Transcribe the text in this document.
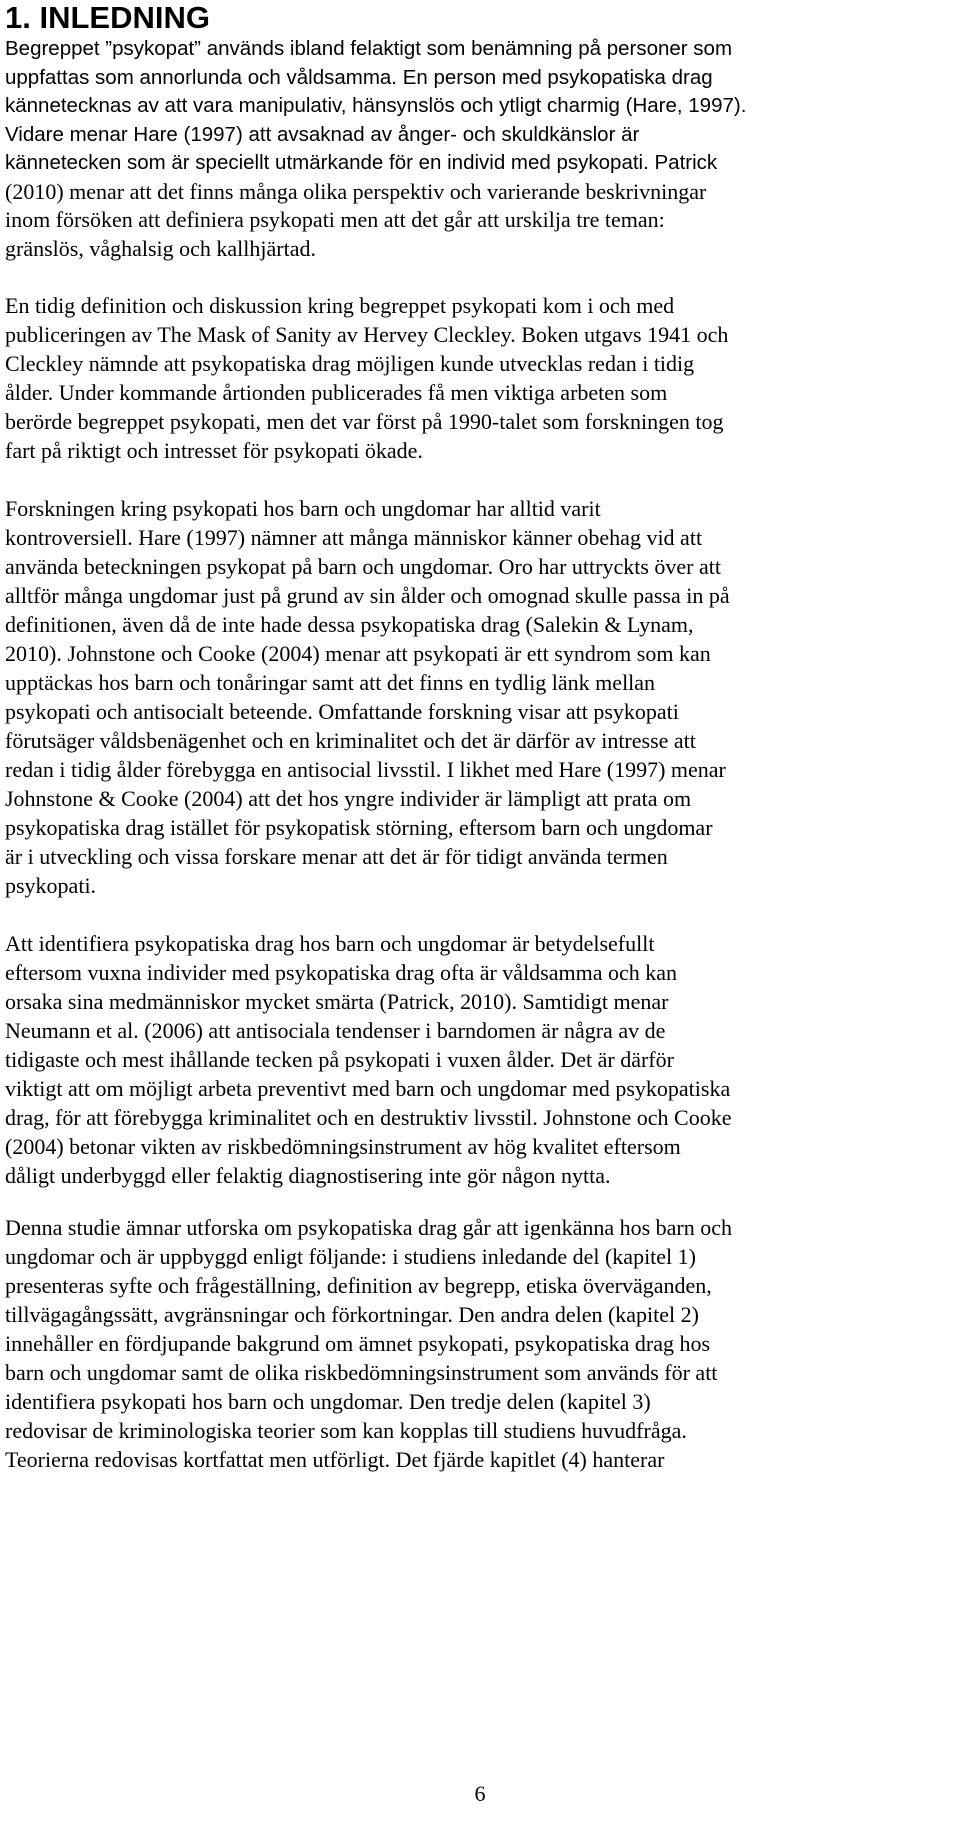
1. INLEDNING

Begreppet ”psykopat” används ibland felaktigt som benämning på personer som
uppfattas som annorlunda och våldsamma. En person med psykopatiska drag
kännetecknas av att vara manipulativ, hänsynslös och ytligt charmig (Hare, 1997).
Vidare menar Hare (1997) att avsaknad av ånger- och skuldkänslor är
kännetecken som är speciellt utmärkande för en individ med psykopati. Patrick
(2010) menar att det finns många olika perspektiv och varierande beskrivningar
inom försöken att definiera psykopati men att det går att urskilja tre teman:
gränslös, våghalsig och kallhjärtad.

En tidig definition och diskussion kring begreppet psykopati kom i och med
publiceringen av The Mask of Sanity av Hervey Cleckley. Boken utgavs 1941 och
Cleckley nämnde att psykopatiska drag möjligen kunde utvecklas redan i tidig
ålder. Under kommande årtionden publicerades få men viktiga arbeten som
berörde begreppet psykopati, men det var först på 1990-talet som forskningen tog
fart på riktigt och intresset för psykopati ökade.

Forskningen kring psykopati hos barn och ungdomar har alltid varit
kontroversiell. Hare (1997) nämner att många människor känner obehag vid att
använda beteckningen psykopat på barn och ungdomar. Oro har uttryckts över att
alltför många ungdomar just på grund av sin ålder och omognad skulle passa in på
definitionen, även då de inte hade dessa psykopatiska drag (Salekin & Lynam,
2010). Johnstone och Cooke (2004) menar att psykopati är ett syndrom som kan
upptäckas hos barn och tonåringar samt att det finns en tydlig länk mellan
psykopati och antisocialt beteende. Omfattande forskning visar att psykopati
förutsäger våldsbenägenhet och en kriminalitet och det är därför av intresse att
redan i tidig ålder förebygga en antisocial livsstil. I likhet med Hare (1997) menar
Johnstone & Cooke (2004) att det hos yngre individer är lämpligt att prata om
psykopatiska drag istället för psykopatisk störning, eftersom barn och ungdomar
är i utveckling och vissa forskare menar att det är för tidigt använda termen
psykopati.

Att identifiera psykopatiska drag hos barn och ungdomar är betydelsefullt
eftersom vuxna individer med psykopatiska drag ofta är våldsamma och kan
orsaka sina medmänniskor mycket smärta (Patrick, 2010). Samtidigt menar
Neumann et al. (2006) att antisociala tendenser i barndomen är några av de
tidigaste och mest ihållande tecken på psykopati i vuxen ålder. Det är därför
viktigt att om möjligt arbeta preventivt med barn och ungdomar med psykopatiska
drag, för att förebygga kriminalitet och en destruktiv livsstil. Johnstone och Cooke
(2004) betonar vikten av riskbedömningsinstrument av hög kvalitet eftersom
dåligt underbyggd eller felaktig diagnostisering inte gör någon nytta.

Denna studie ämnar utforska om psykopatiska drag går att igenkänna hos barn och
ungdomar och är uppbyggd enligt följande: i studiens inledande del (kapitel 1)
presenteras syfte och frågeställning, definition av begrepp, etiska överväganden,
tillvägagångssätt, avgränsningar och förkortningar. Den andra delen (kapitel 2)
innehåller en fördjupande bakgrund om ämnet psykopati, psykopatiska drag hos
barn och ungdomar samt de olika riskbedömningsinstrument som används för att
identifiera psykopati hos barn och ungdomar. Den tredje delen (kapitel 3)
redovisar de kriminologiska teorier som kan kopplas till studiens huvudfråga.
Teorierna redovisas kortfattat men utförligt. Det fjärde kapitlet (4) hanterar

6
